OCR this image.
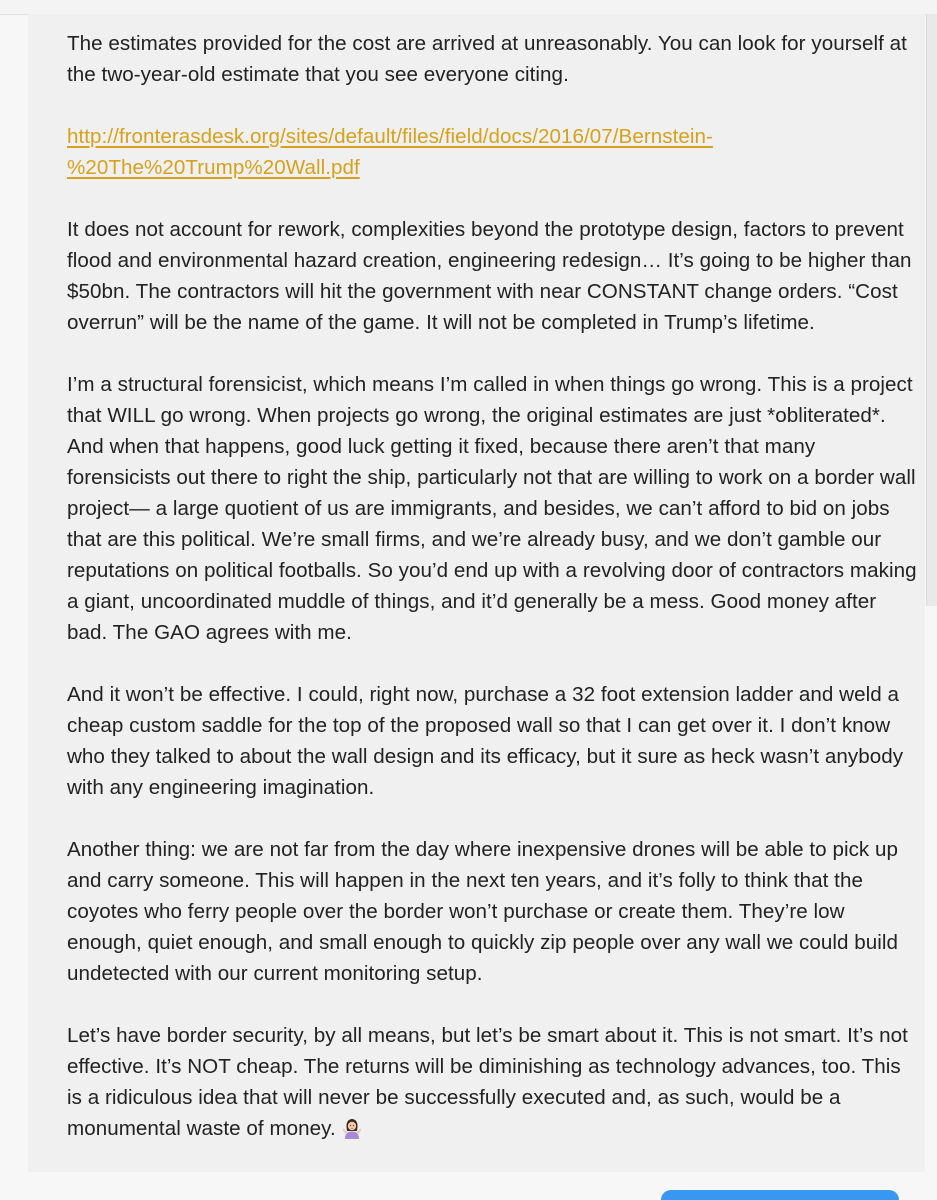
The estimates provided for the cost are arrived at unreasonably. You can look for yourself at the two-year-old estimate that you see everyone citing.

http://fronterasdesk.org/sites/default/files/field/docs/2016/07/Bernstein-
%20The%20Trump%20Wall.pdf

It does not account for rework, complexities beyond the prototype design, factors to prevent flood and environmental hazard creation, engineering redesign… It’s going to be higher than $50bn. The contractors will hit the government with near CONSTANT change orders. “Cost overrun” will be the name of the game. It will not be completed in Trump’s lifetime.

I’m a structural forensicist, which means I’m called in when things go wrong. This is a project that WILL go wrong. When projects go wrong, the original estimates are just *obliterated*. And when that happens, good luck getting it fixed, because there aren’t that many forensicists out there to right the ship, particularly not that are willing to work on a border wall project— a large quotient of us are immigrants, and besides, we can’t afford to bid on jobs that are this political. We’re small firms, and we’re already busy, and we don’t gamble our reputations on political footballs. So you’d end up with a revolving door of contractors making a giant, uncoordinated muddle of things, and it’d generally be a mess. Good money after bad. The GAO agrees with me.

And it won’t be effective. I could, right now, purchase a 32 foot extension ladder and weld a cheap custom saddle for the top of the proposed wall so that I can get over it. I don’t know who they talked to about the wall design and its efficacy, but it sure as heck wasn’t anybody with any engineering imagination.

Another thing: we are not far from the day where inexpensive drones will be able to pick up and carry someone. This will happen in the next ten years, and it’s folly to think that the coyotes who ferry people over the border won’t purchase or create them. They’re low enough, quiet enough, and small enough to quickly zip people over any wall we could build undetected with our current monitoring setup.

Let’s have border security, by all means, but let’s be smart about it. This is not smart. It’s not effective. It’s NOT cheap. The returns will be diminishing as technology advances, too. This is a ridiculous idea that will never be successfully executed and, as such, would be a monumental waste of money.
